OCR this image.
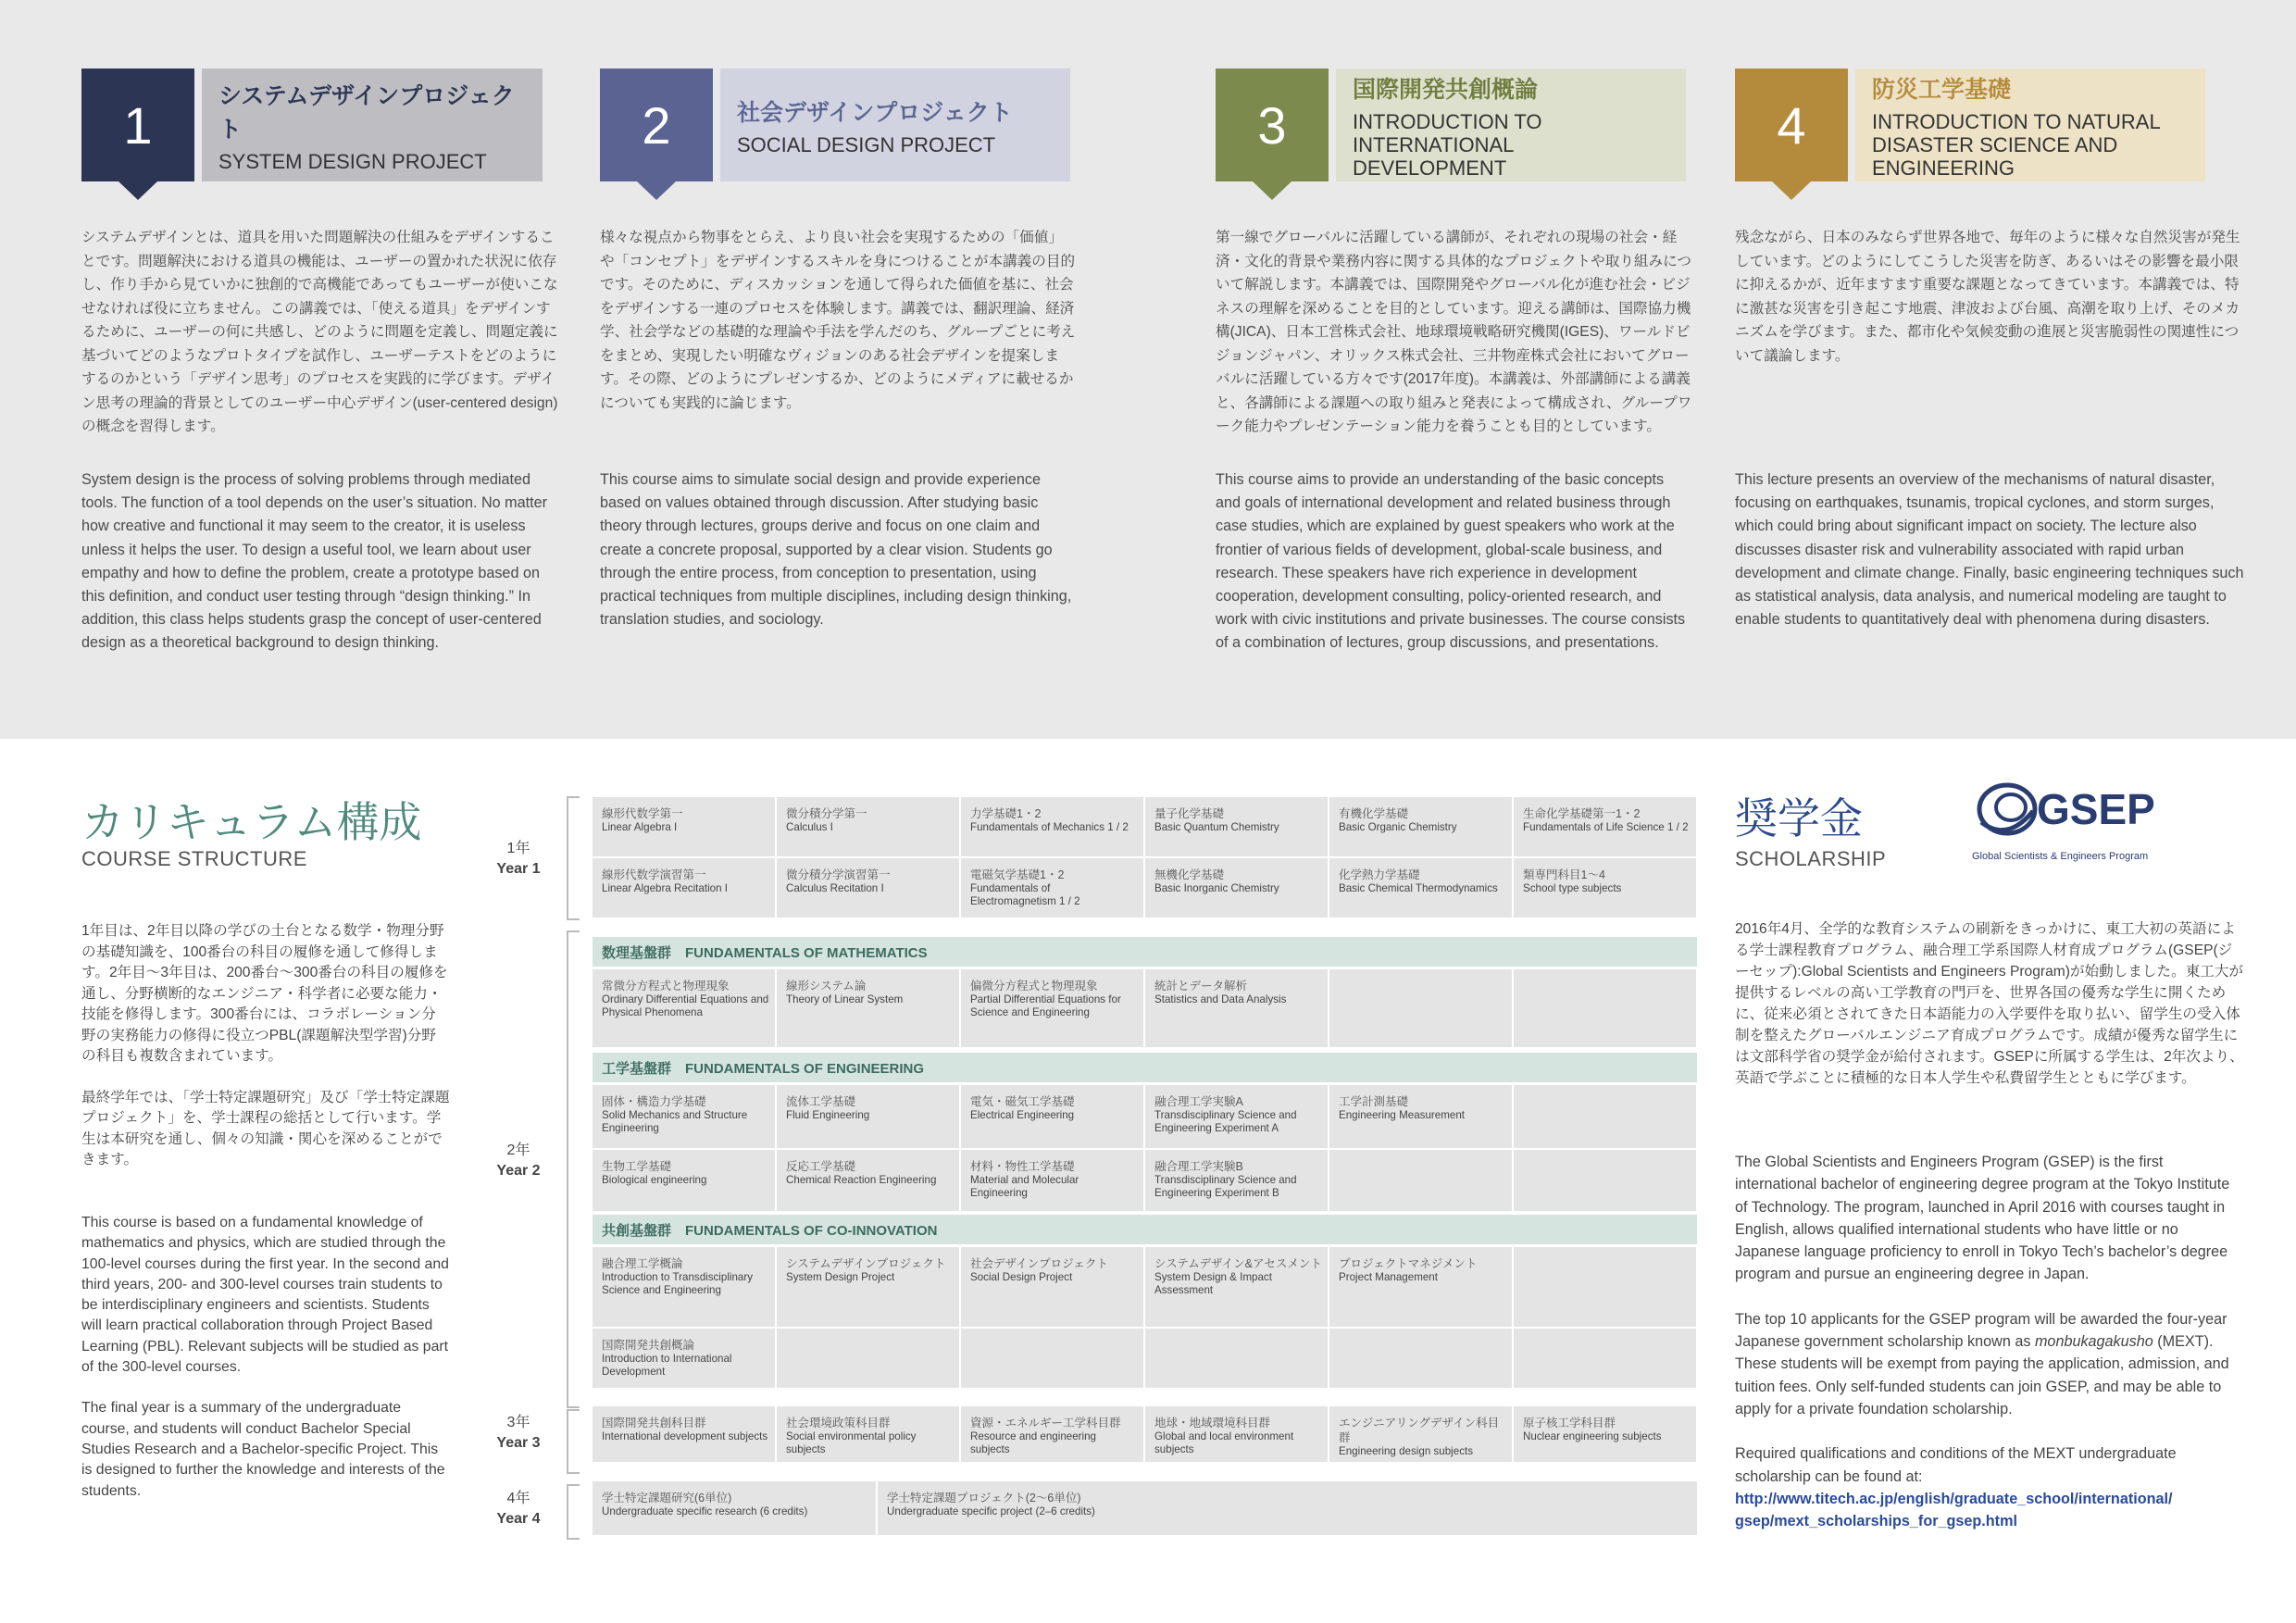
1	システムデザインプロジェクト
SYSTEM DESIGN PROJECT
システムデザインとは、道具を用いた問題解決の仕組みをデザインすることです。問題解決における道具の機能は、ユーザーの置かれた状況に依存し、作り手から見ていかに独創的で高機能であってもユーザーが使いこなせなければ役に立ちません。この講義では、「使える道具」をデザインするために、ユーザーの何に共感し、どのように問題を定義し、問題定義に基づいてどのようなプロトタイプを試作し、ユーザーテストをどのようにするのかという「デザイン思考」のプロセスを実践的に学びます。デザイン思考の理論的背景としてのユーザー中心デザイン(user-centered design)の概念を習得します。
System design is the process of solving problems through mediated tools. The function of a tool depends on the user’s situation. No matter how creative and functional it may seem to the creator, it is useless unless it helps the user. To design a useful tool, we learn about user empathy and how to define the problem, create a prototype based on this definition, and conduct user testing through “design thinking.” In addition, this class helps students grasp the concept of user-centered design as a theoretical background to design thinking.
2	社会デザインプロジェクト
SOCIAL DESIGN PROJECT
様々な視点から物事をとらえ、より良い社会を実現するための「価値」や「コンセプト」をデザインするスキルを身につけることが本講義の目的です。そのために、ディスカッションを通して得られた価値を基に、社会をデザインする一連のプロセスを体験します。講義では、翻訳理論、経済学、社会学などの基礎的な理論や手法を学んだのち、グループごとに考えをまとめ、実現したい明確なヴィジョンのある社会デザインを提案します。その際、どのようにプレゼンするか、どのようにメディアに載せるかについても実践的に論じます。
This course aims to simulate social design and provide experience based on values obtained through discussion. After studying basic theory through lectures, groups derive and focus on one claim and create a concrete proposal, supported by a clear vision. Students go through the entire process, from conception to presentation, using practical techniques from multiple disciplines, including design thinking, translation studies, and sociology.
3
国際開発共創概論
INTRODUCTION TO INTERNATIONAL DEVELOPMENT
第一線でグローバルに活躍している講師が、それぞれの現場の社会・経済・文化的背景や業務内容に関する具体的なプロジェクトや取り組みについて解説します。本講義では、国際開発やグローバル化が進む社会・ビジネスの理解を深めることを目的としています。迎える講師は、国際協力機構(JICA)、日本工営株式会社、地球環境戦略研究機関(IGES)、ワールドビジョンジャパン、オリックス株式会社、三井物産株式会社においてグローバルに活躍している方々です(2017年度)。本講義は、外部講師による講義と、各講師による課題への取り組みと発表によって構成され、グループワーク能力やプレゼンテーション能力を養うことも目的としています。
This course aims to provide an understanding of the basic concepts and goals of international development and related business through case studies, which are explained by guest speakers who work at the frontier of various fields of development, global-scale business, and research. These speakers have rich experience in development cooperation, development consulting, policy-oriented research, and work with civic institutions and private businesses. The course consists of a combination of lectures, group discussions, and presentations.
4
防災工学基礎
INTRODUCTION TO NATURAL DISASTER SCIENCE AND ENGINEERING
残念ながら、日本のみならず世界各地で、毎年のように様々な自然災害が発生しています。どのようにしてこうした災害を防ぎ、あるいはその影響を最小限に抑えるかが、近年ますます重要な課題となってきています。本講義では、特に激甚な災害を引き起こす地震、津波および台風、高潮を取り上げ、そのメカニズムを学びます。また、都市化や気候変動の進展と災害脆弱性の関連性について議論します。
This lecture presents an overview of the mechanisms of natural disaster, focusing on earthquakes, tsunamis, tropical cyclones, and storm surges, which could bring about significant impact on society. The lecture also discusses disaster risk and vulnerability associated with rapid urban development and climate change. Finally, basic engineering techniques such as statistical analysis, data analysis, and numerical modeling are taught to enable students to quantitatively deal with phenomena during disasters.
カリキュラム構成
COURSE STRUCTURE

1年目は、2年目以降の学びの土台となる数学・物理分野の基礎知識を、100番台の科目の履修を通して修得します。2年目〜3年目は、200番台〜300番台の科目の履修を通し、分野横断的なエンジニア・科学者に必要な能力・技能を修得します。300番台には、コラボレーション分野の実務能力の修得に役立つPBL(課題解決型学習)分野の科目も複数含まれています。

最終学年では、「学士特定課題研究」及び「学士特定課題プロジェクト」を、学士課程の総括として行います。学生は本研究を通し、個々の知識・関心を深めることができます。

This course is based on a fundamental knowledge of mathematics and physics, which are studied through the 100-level courses during the first year. In the second and third years, 200- and 300-level courses train students to be interdisciplinary engineers and scientists. Students will learn practical collaboration through Project Based Learning (PBL). Relevant subjects will be studied as part of the 300-level courses.

The final year is a summary of the undergraduate course, and students will conduct Bachelor Special Studies Research and a Bachelor-specific Project. This is designed to further the knowledge and interests of the students.

1年
Year 1
2年
Year 2
3年
Year 3
4年
Year 4
線形代数学第一
Linear Algebra I
微分積分学第一
Calculus I
力学基礎1・2
Fundamentals of Mechanics 1 / 2
量子化学基礎
Basic Quantum Chemistry
有機化学基礎
Basic Organic Chemistry
生命化学基礎第一1・2
Fundamentals of Life Science 1 / 2
線形代数学演習第一
Linear Algebra Recitation I
微分積分学演習第一
Calculus Recitation I
電磁気学基礎1・2
Fundamentals of Electromagnetism 1 / 2
無機化学基礎
Basic Inorganic Chemistry
化学熱力学基礎
Basic Chemical Thermodynamics
類専門科目1〜4
School type subjects
常微分方程式と物理現象
Ordinary Differential Equations and Physical Phenomena
線形システム論
Theory of Linear System
偏微分方程式と物理現象
Partial Differential Equations for Science and Engineering
統計とデータ解析
Statistics and Data Analysis
固体・構造力学基礎
Solid Mechanics and Structure Engineering
流体工学基礎
Fluid Engineering
電気・磁気工学基礎
Electrical Engineering
融合理工学実験A
Transdisciplinary Science and Engineering Experiment A
工学計測基礎
Engineering Measurement
生物工学基礎
Biological engineering
反応工学基礎
Chemical Reaction Engineering
材料・物性工学基礎
Material and Molecular Engineering
融合理工学実験B
Transdisciplinary Science and Engineering Experiment B
融合理工学概論
Introduction to Transdisciplinary Science and Engineering
システムデザインプロジェクト
System Design Project
社会デザインプロジェクト
Social Design Project
システムデザイン&アセスメント
System Design & Impact Assessment
プロジェクトマネジメント
Project Management
国際開発共創概論
Introduction to International Development
国際開発共創科目群
International development subjects
社会環境政策科目群
Social environmental policy subjects
資源・エネルギー工学科目群
Resource and engineering subjects
地球・地域環境科目群
Global and local environment subjects
エンジニアリングデザイン科目群
Engineering design subjects
原子核工学科目群
Nuclear engineering subjects
学士特定課題研究(6単位)
Undergraduate specific research (6 credits)
学士特定課題プロジェクト(2〜6単位)
Undergraduate specific project (2–6 credits)
数理基盤群　FUNDAMENTALS OF MATHEMATICS
工学基盤群　FUNDAMENTALS OF ENGINEERING
共創基盤群　FUNDAMENTALS OF CO-INNOVATION
奨学金
SCHOLARSHIP
GSEP
Global Scientists & Engineers Program
2016年4月、全学的な教育システムの刷新をきっかけに、東工大初の英語による学士課程教育プログラム、融合理工学系国際人材育成プログラム(GSEP(ジーセップ):Global Scientists and Engineers Program)が始動しました。東工大が提供するレベルの高い工学教育の門戸を、世界各国の優秀な学生に開くために、従来必須とされてきた日本語能力の入学要件を取り払い、留学生の受入体制を整えたグローバルエンジニア育成プログラムです。成績が優秀な留学生には文部科学省の奨学金が給付されます。GSEPに所属する学生は、2年次より、英語で学ぶことに積極的な日本人学生や私費留学生とともに学びます。

The Global Scientists and Engineers Program (GSEP) is the first international bachelor of engineering degree program at the Tokyo Institute of Technology. The program, launched in April 2016 with courses taught in English, allows qualified international students who have little or no Japanese language proficiency to enroll in Tokyo Tech’s bachelor’s degree program and pursue an engineering degree in Japan.

The top 10 applicants for the GSEP program will be awarded the four-year Japanese government scholarship known as monbukagakusho (MEXT). These students will be exempt from paying the application, admission, and tuition fees. Only self-funded students can join GSEP, and may be able to apply for a private foundation scholarship.

Required qualifications and conditions of the MEXT undergraduate scholarship can be found at:
http://www.titech.ac.jp/english/graduate_school/international/
gsep/mext_scholarships_for_gsep.html
